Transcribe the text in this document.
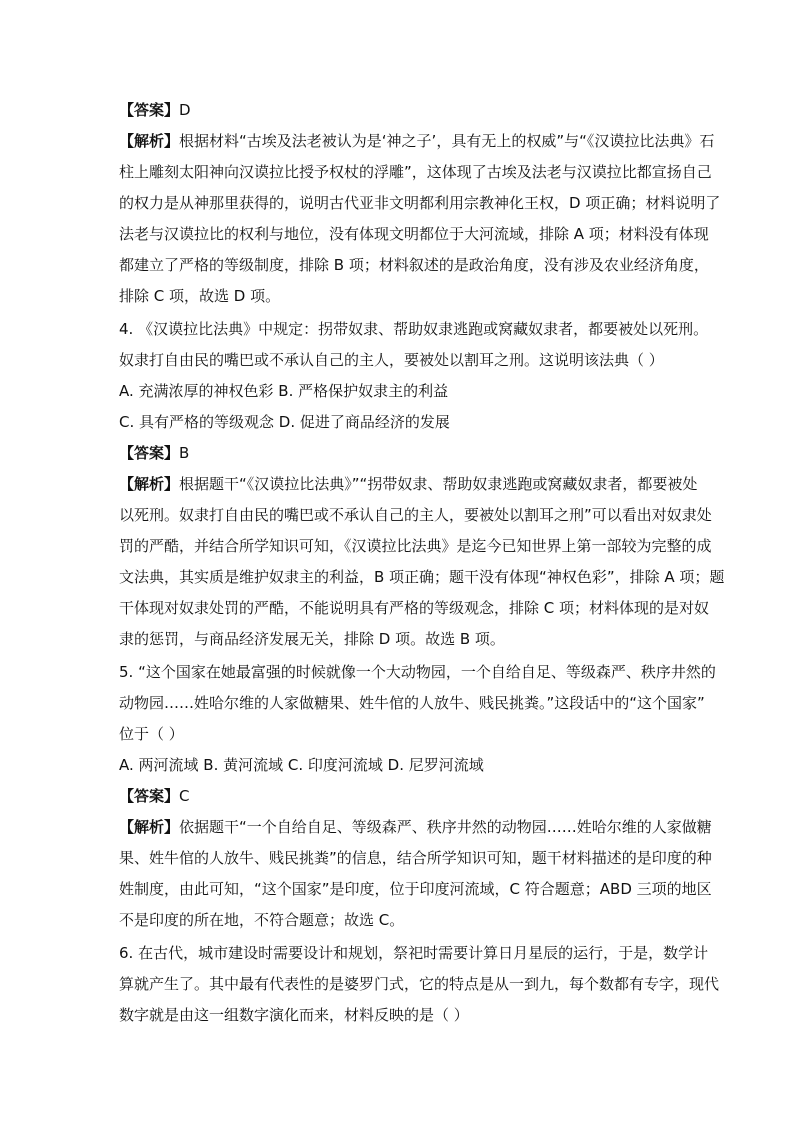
【答案】D
【解析】根据材料“古埃及法老被认为是‘神之子’，具有无上的权威”与“《汉谟拉比法典》石
柱上雕刻太阳神向汉谟拉比授予权杖的浮雕”，这体现了古埃及法老与汉谟拉比都宣扬自己
的权力是从神那里获得的，说明古代亚非文明都利用宗教神化王权，D 项正确；材料说明了
法老与汉谟拉比的权利与地位，没有体现文明都位于大河流域，排除 A 项；材料没有体现
都建立了严格的等级制度，排除 B 项；材料叙述的是政治角度，没有涉及农业经济角度，
排除 C 项，故选 D 项。
4. 《汉谟拉比法典》中规定：拐带奴隶、帮助奴隶逃跑或窝藏奴隶者，都要被处以死刑。
奴隶打自由民的嘴巴或不承认自己的主人，要被处以割耳之刑。这说明该法典（ ）
A. 充满浓厚的神权色彩 B. 严格保护奴隶主的利益
C. 具有严格的等级观念 D. 促进了商品经济的发展
【答案】B
【解析】根据题干“《汉谟拉比法典》”“拐带奴隶、帮助奴隶逃跑或窝藏奴隶者，都要被处
以死刑。奴隶打自由民的嘴巴或不承认自己的主人，要被处以割耳之刑”可以看出对奴隶处
罚的严酷，并结合所学知识可知，《汉谟拉比法典》是迄今已知世界上第一部较为完整的成
文法典，其实质是维护奴隶主的利益，B 项正确；题干没有体现“神权色彩”，排除 A 项；题
干体现对奴隶处罚的严酷，不能说明具有严格的等级观念，排除 C 项；材料体现的是对奴
隶的惩罚，与商品经济发展无关，排除 D 项。故选 B 项。
5. “这个国家在她最富强的时候就像一个大动物园，一个自给自足、等级森严、秩序井然的
动物园……姓哈尔维的人家做糖果、姓牛倌的人放牛、贱民挑粪。”这段话中的“这个国家”
位于（ ）
A. 两河流域 B. 黄河流域 C. 印度河流域 D. 尼罗河流域
【答案】C
【解析】依据题干“一个自给自足、等级森严、秩序井然的动物园……姓哈尔维的人家做糖
果、姓牛倌的人放牛、贱民挑粪”的信息，结合所学知识可知，题干材料描述的是印度的种
姓制度，由此可知，“这个国家”是印度，位于印度河流域，C 符合题意；ABD 三项的地区
不是印度的所在地，不符合题意；故选 C。
6. 在古代，城市建设时需要设计和规划，祭祀时需要计算日月星辰的运行，于是，数学计
算就产生了。其中最有代表性的是婆罗门式，它的特点是从一到九，每个数都有专字，现代
数字就是由这一组数字演化而来，材料反映的是（ ）
